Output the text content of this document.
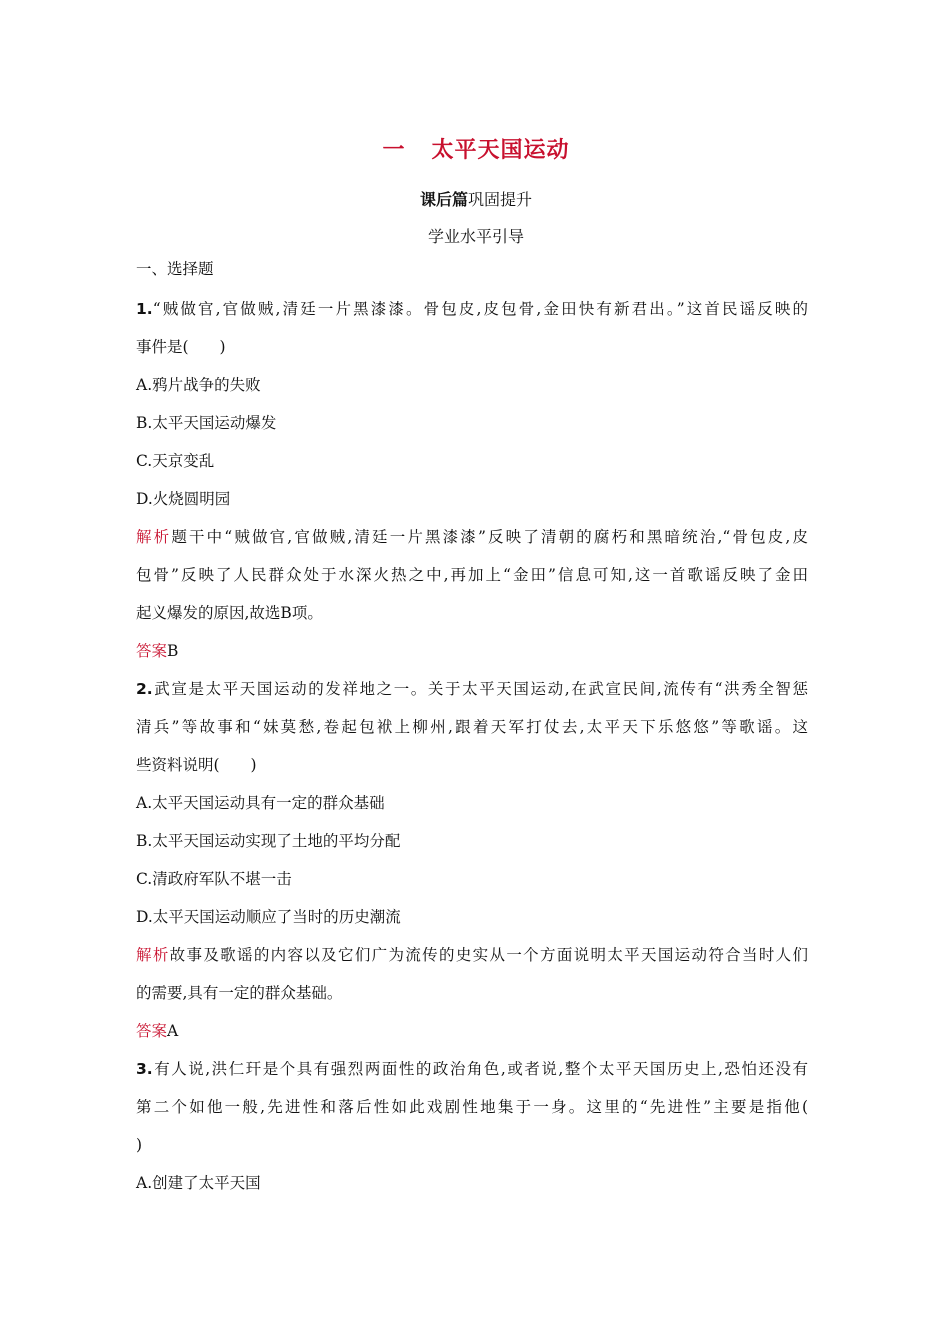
一 太平天国运动
课后篇巩固提升
学业水平引导
一、选择题
1.“贼做官,官做贼,清廷一片黑漆漆。骨包皮,皮包骨,金田快有新君出。”这首民谣反映的
事件是(　　)
A.鸦片战争的失败
B.太平天国运动爆发
C.天京变乱
D.火烧圆明园
解析题干中“贼做官,官做贼,清廷一片黑漆漆”反映了清朝的腐朽和黑暗统治,“骨包皮,皮
包骨”反映了人民群众处于水深火热之中,再加上“金田”信息可知,这一首歌谣反映了金田
起义爆发的原因,故选B项。
答案B
2.武宣是太平天国运动的发祥地之一。关于太平天国运动,在武宣民间,流传有“洪秀全智惩
清兵”等故事和“妹莫愁,卷起包袱上柳州,跟着天军打仗去,太平天下乐悠悠”等歌谣。这
些资料说明(　　)
A.太平天国运动具有一定的群众基础
B.太平天国运动实现了土地的平均分配
C.清政府军队不堪一击
D.太平天国运动顺应了当时的历史潮流
解析故事及歌谣的内容以及它们广为流传的史实从一个方面说明太平天国运动符合当时人们
的需要,具有一定的群众基础。
答案A
3.有人说,洪仁玕是个具有强烈两面性的政治角色,或者说,整个太平天国历史上,恐怕还没有
第二个如他一般,先进性和落后性如此戏剧性地集于一身。这里的“先进性”主要是指他(
)
A.创建了太平天国
